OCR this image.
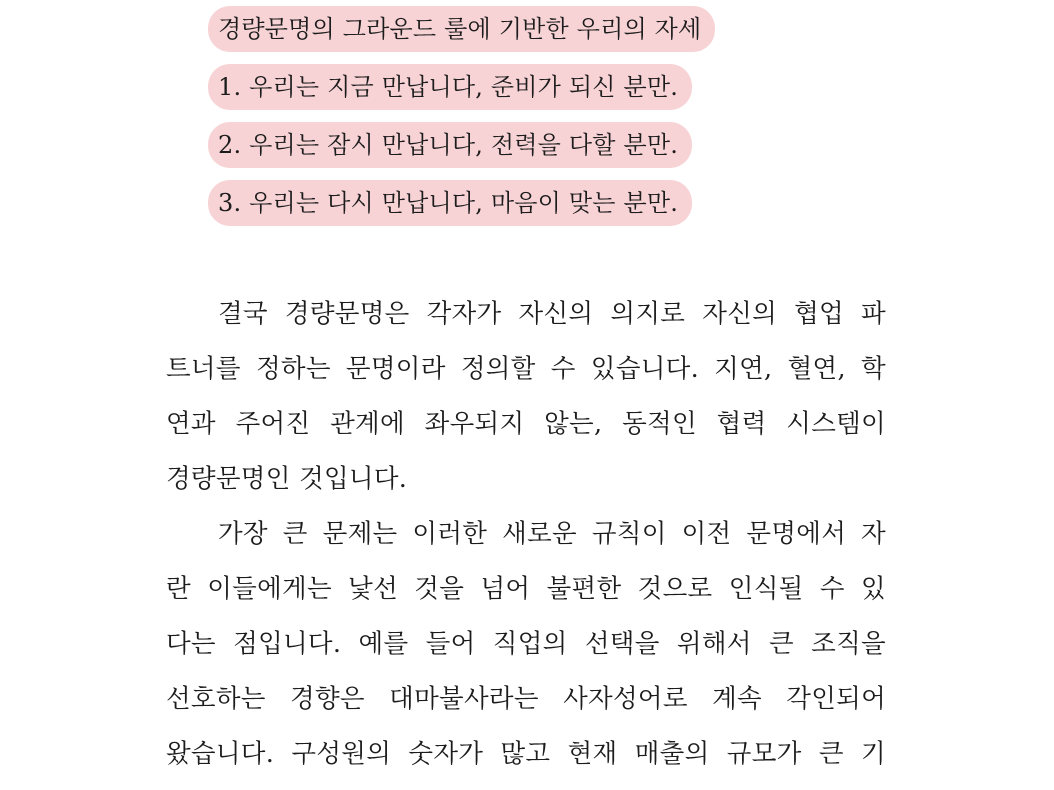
경량문명의 그라운드 룰에 기반한 우리의 자세
1. 우리는 지금 만납니다, 준비가 되신 분만.
2. 우리는 잠시 만납니다, 전력을 다할 분만.
3. 우리는 다시 만납니다, 마음이 맞는 분만.
결국 경량문명은 각자가 자신의 의지로 자신의 협업 파
트너를 정하는 문명이라 정의할 수 있습니다. 지연, 혈연, 학
연과 주어진 관계에 좌우되지 않는, 동적인 협력 시스템이
경량문명인 것입니다.
가장 큰 문제는 이러한 새로운 규칙이 이전 문명에서 자
란 이들에게는 낯선 것을 넘어 불편한 것으로 인식될 수 있
다는 점입니다. 예를 들어 직업의 선택을 위해서 큰 조직을
선호하는 경향은 대마불사라는 사자성어로 계속 각인되어
왔습니다. 구성원의 숫자가 많고 현재 매출의 규모가 큰 기
